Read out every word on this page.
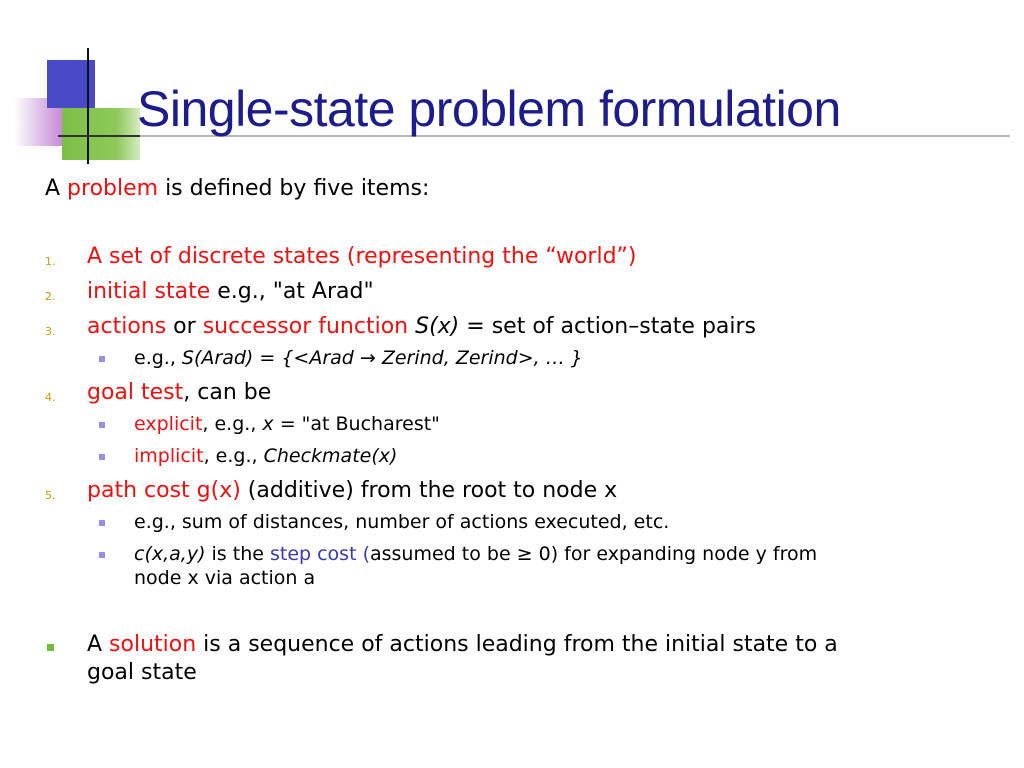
Single-state problem formulation
A problem is defined by five items:
1. A set of discrete states (representing the “world”)
2. initial state e.g., "at Arad"
3. actions or successor function S(x) = set of action–state pairs
e.g., S(Arad) = {<Arad → Zerind, Zerind>, … }
4. goal test, can be
explicit, e.g., x = "at Bucharest"
implicit, e.g., Checkmate(x)
5. path cost g(x) (additive) from the root to node x
e.g., sum of distances, number of actions executed, etc.
c(x,a,y) is the step cost (assumed to be ≥ 0) for expanding node y from
node x via action a
A solution is a sequence of actions leading from the initial state to a
goal state
